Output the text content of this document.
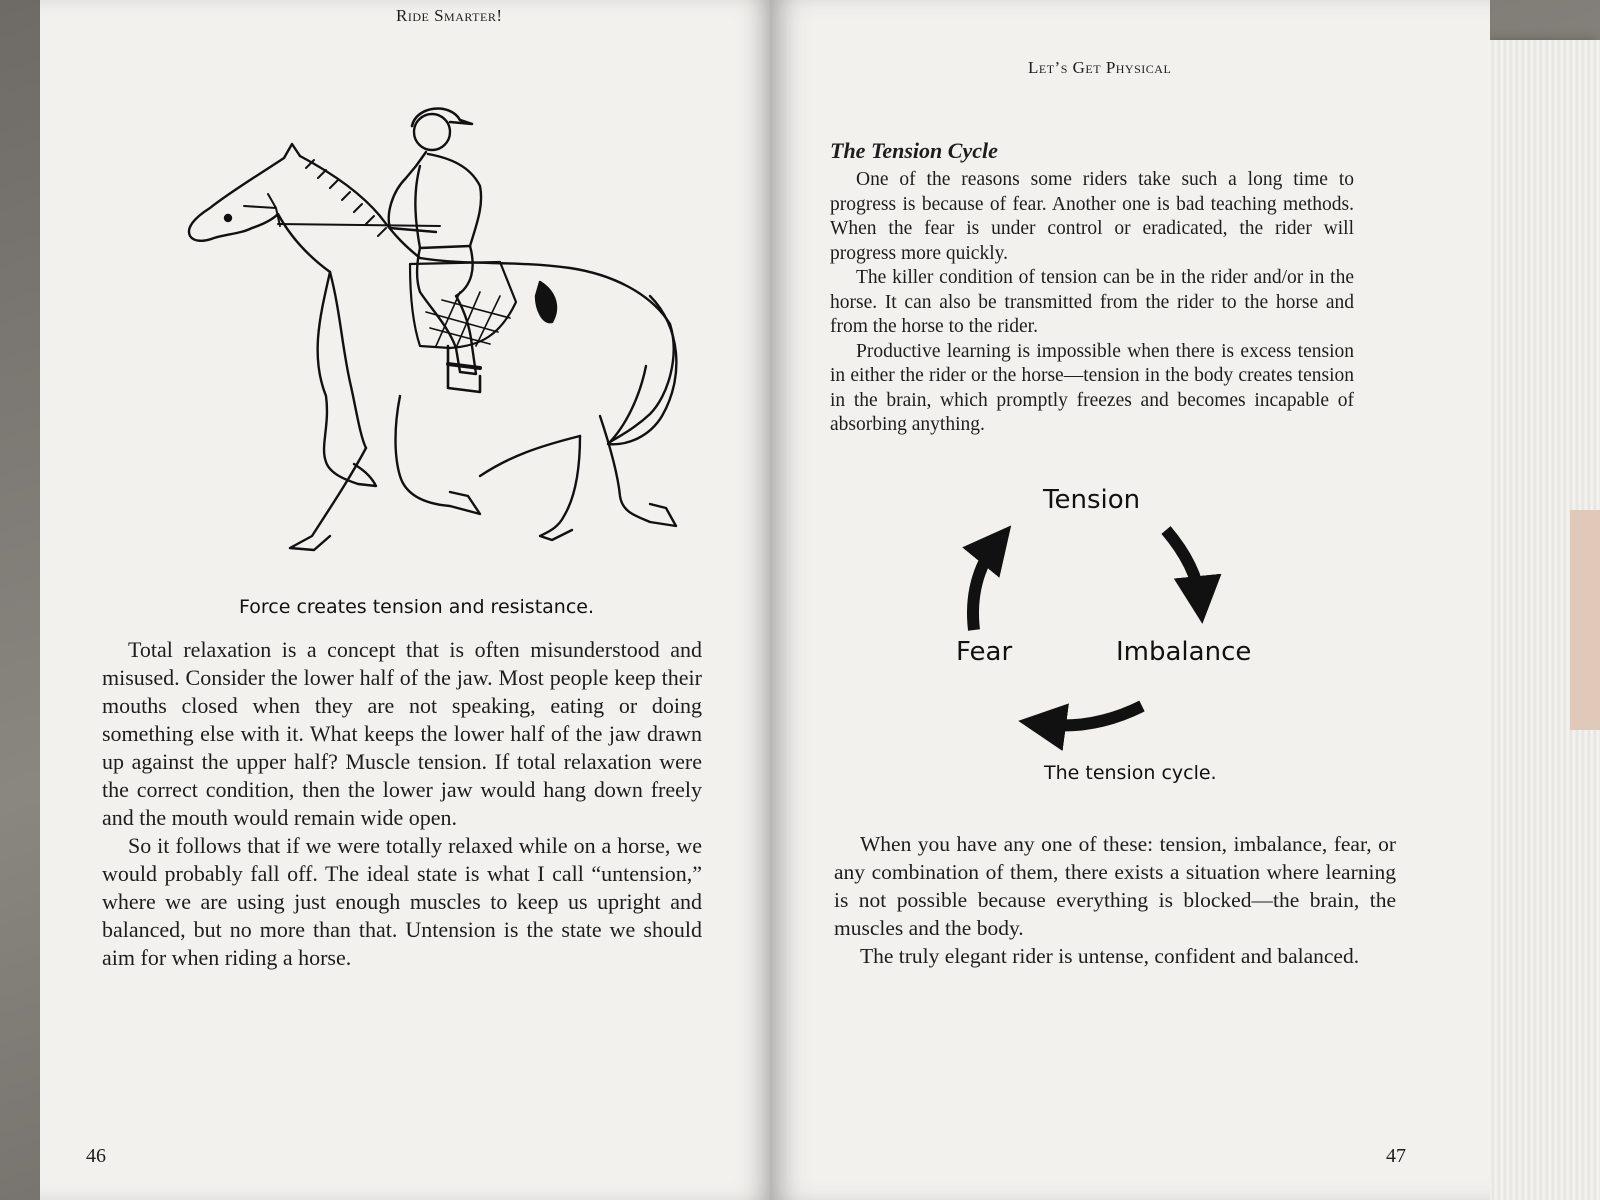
Ride Smarter!
Force creates tension and resistance.

Total relaxation is a concept that is often misunderstood and misused. Consider the lower half of the jaw. Most people keep their mouths closed when they are not speaking, eating or doing something else with it. What keeps the lower half of the jaw drawn up against the upper half? Muscle tension. If total relaxation were the correct condition, then the lower jaw would hang down freely and the mouth would remain wide open.

So it follows that if we were totally relaxed while on a horse, we would probably fall off. The ideal state is what I call “untension,” where we are using just enough muscles to keep us upright and balanced, but no more than that. Untension is the state we should aim for when riding a horse.

46
Let’s Get Physical
The Tension Cycle

One of the reasons some riders take such a long time to progress is because of fear. Another one is bad teaching methods. When the fear is under control or eradicated, the rider will progress more quickly.

The killer condition of tension can be in the rider and/or in the horse. It can also be transmitted from the rider to the horse and from the horse to the rider.

Productive learning is impossible when there is excess tension in either the rider or the horse—tension in the body creates tension in the brain, which promptly freezes and becomes incapable of absorbing anything.

Tension
Imbalance
Fear
The tension cycle.

When you have any one of these: tension, imbalance, fear, or any combination of them, there exists a situation where learning is not possible because everything is blocked—the brain, the muscles and the body.

The truly elegant rider is untense, confident and balanced.

47
